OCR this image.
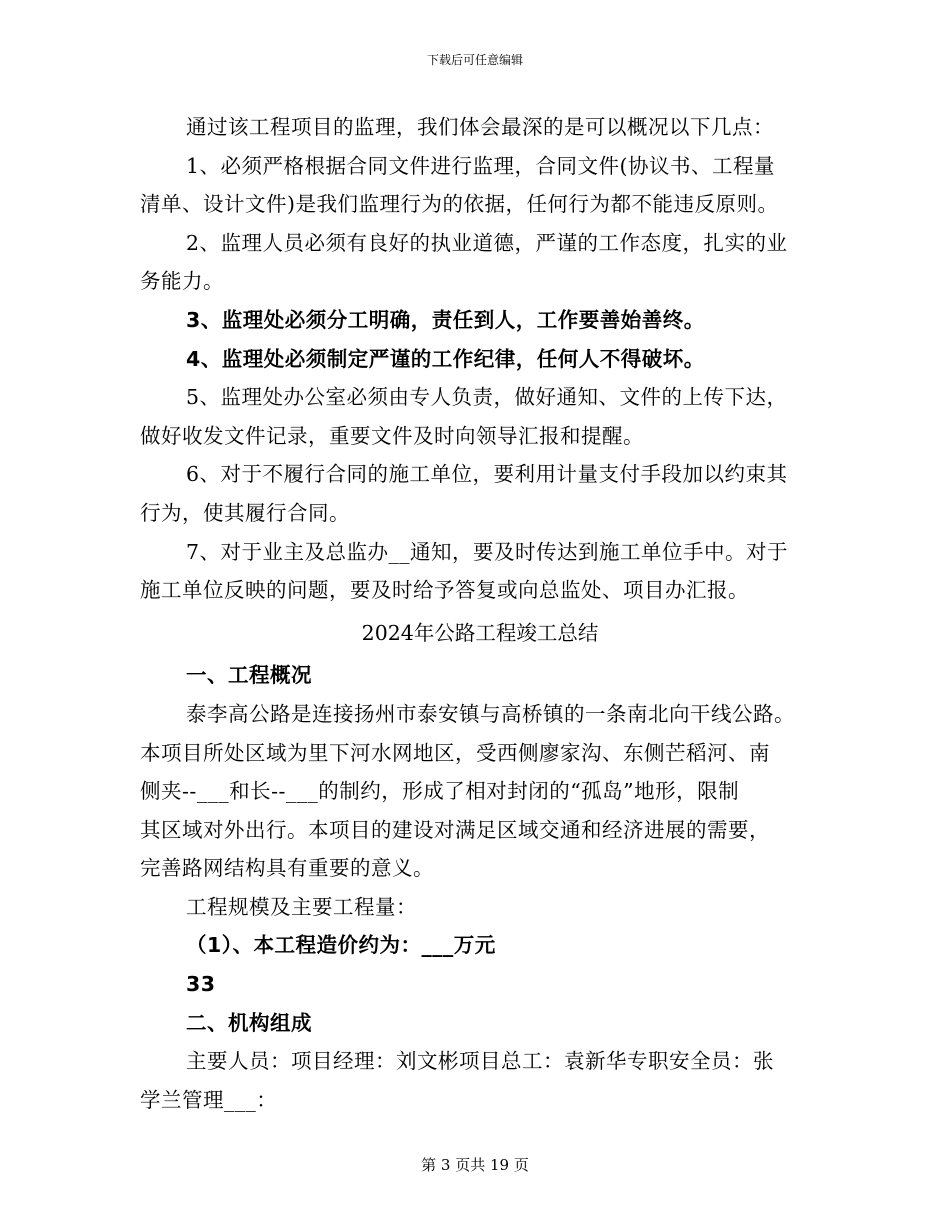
下载后可任意编辑

通过该工程项目的监理，我们体会最深的是可以概况以下几点：

1、必须严格根据合同文件进行监理，合同文件(协议书、工程量

清单、设计文件)是我们监理行为的依据，任何行为都不能违反原则。

2、监理人员必须有良好的执业道德，严谨的工作态度，扎实的业

务能力。

3、监理处必须分工明确，责任到人，工作要善始善终。

4、监理处必须制定严谨的工作纪律，任何人不得破坏。

5、监理处办公室必须由专人负责，做好通知、文件的上传下达，

做好收发文件记录，重要文件及时向领导汇报和提醒。

6、对于不履行合同的施工单位，要利用计量支付手段加以约束其

行为，使其履行合同。

7、对于业主及总监办__通知，要及时传达到施工单位手中。对于

施工单位反映的问题，要及时给予答复或向总监处、项目办汇报。

2024年公路工程竣工总结

一、工程概况

泰李高公路是连接扬州市泰安镇与高桥镇的一条南北向干线公路。

本项目所处区域为里下河水网地区，受西侧廖家沟、东侧芒稻河、南

侧夹--___和长--___的制约，形成了相对封闭的“孤岛”地形，限制

其区域对外出行。本项目的建设对满足区域交通和经济进展的需要，

完善路网结构具有重要的意义。

工程规模及主要工程量：

（1）、本工程造价约为：___万元

33

二、机构组成

主要人员：项目经理：刘文彬项目总工：袁新华专职安全员：张

学兰管理___：

第 3 页共 19 页
